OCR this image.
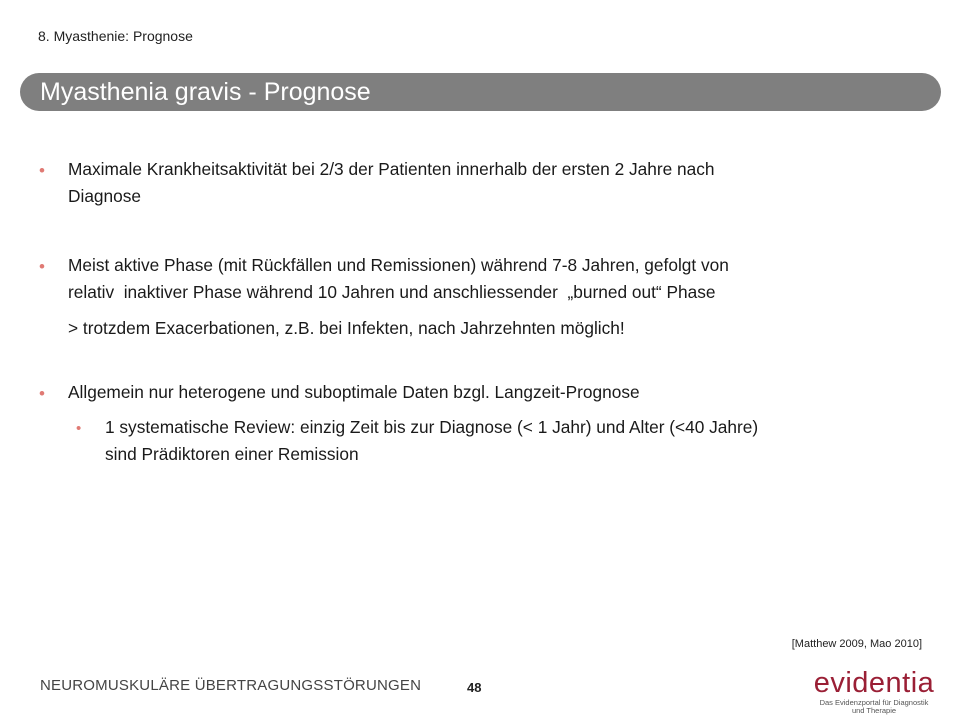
8. Myasthenie: Prognose
Myasthenia gravis - Prognose
• Maximale Krankheitsaktivität bei 2/3 der Patienten innerhalb der ersten 2 Jahre nach
Diagnose
• Meist aktive Phase (mit Rückfällen und Remissionen) während 7-8 Jahren, gefolgt von
relativ  inaktiver Phase während 10 Jahren und anschliessender  „burned out“ Phase
> trotzdem Exacerbationen, z.B. bei Infekten, nach Jahrzehnten möglich!
• Allgemein nur heterogene und suboptimale Daten bzgl. Langzeit-Prognose
• 1 systematische Review: einzig Zeit bis zur Diagnose (< 1 Jahr) und Alter (<40 Jahre)
sind Prädiktoren einer Remission
[Matthew 2009, Mao 2010]
NEUROMUSKULÄRE ÜBERTRAGUNGSSTÖRUNGEN	48	evidentia
Das Evidenzportal für Diagnostik
und Therapie
